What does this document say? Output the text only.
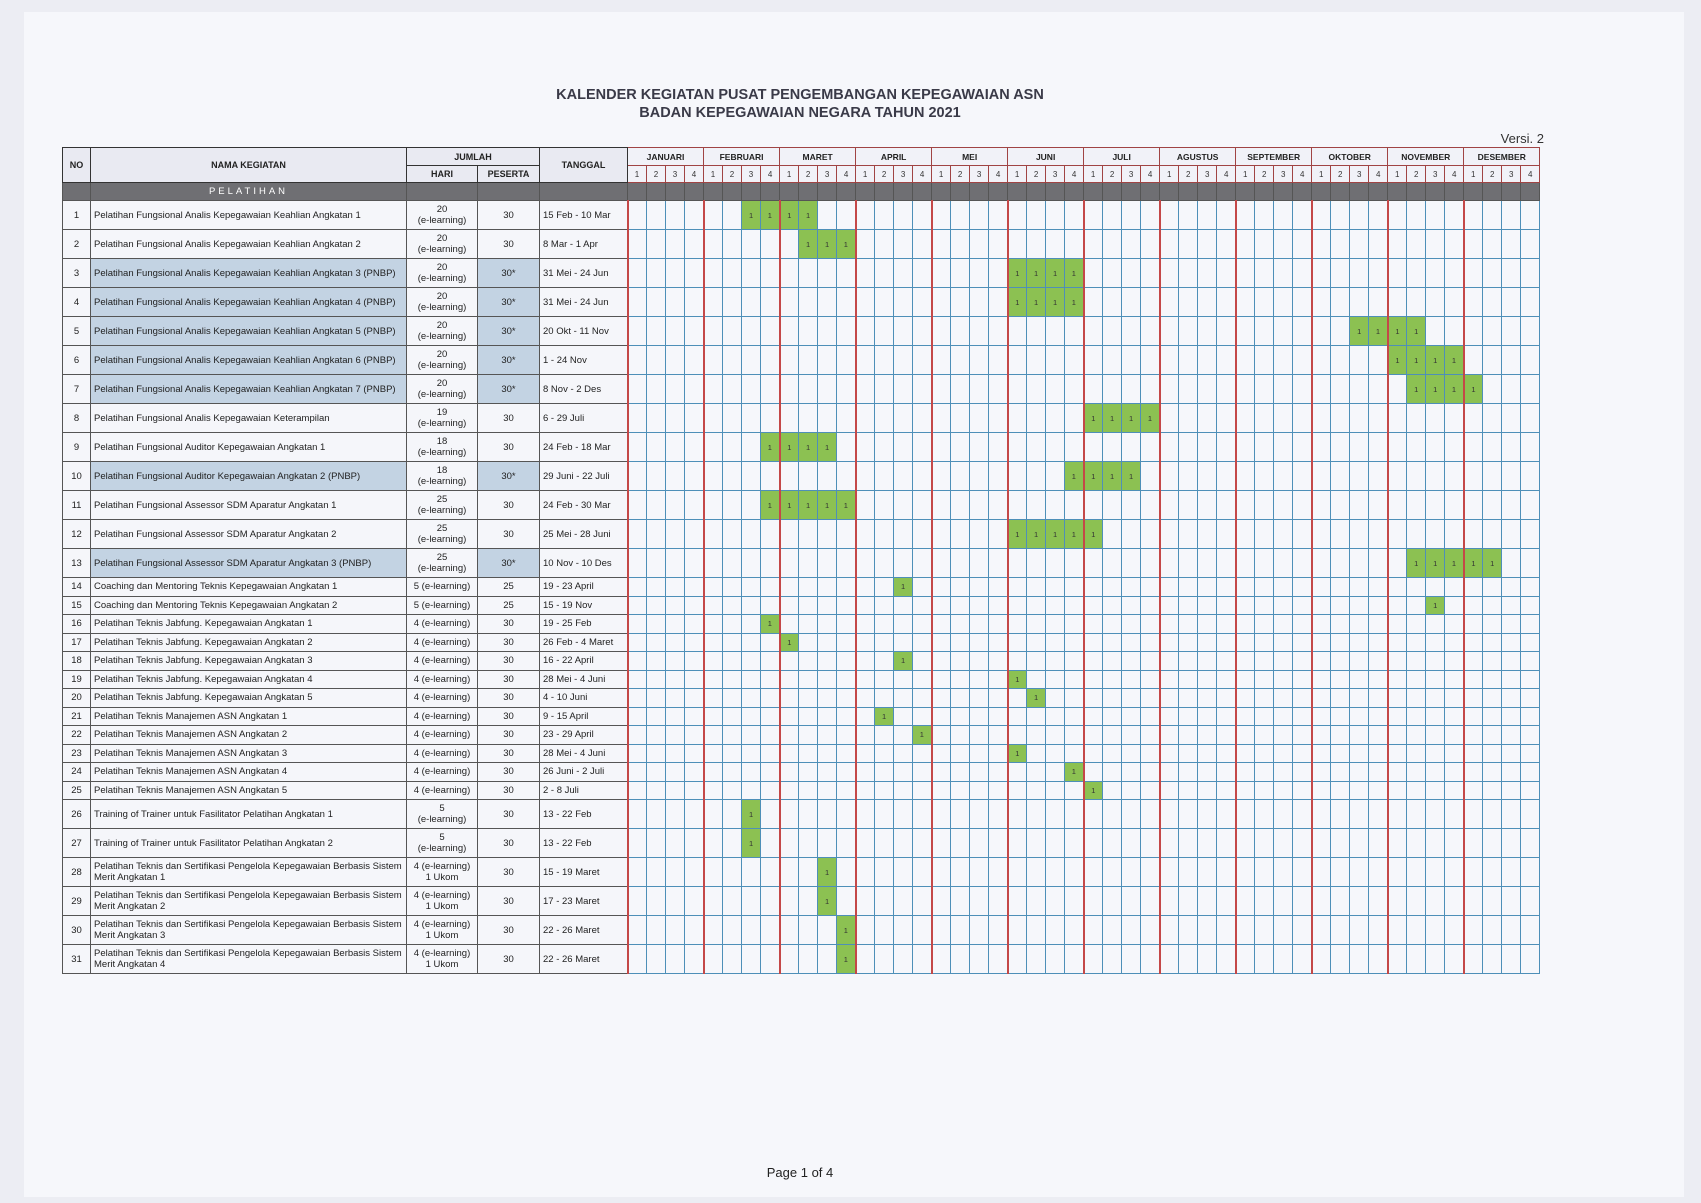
KALENDER KEGIATAN PUSAT PENGEMBANGAN KEPEGAWAIAN ASN
BADAN KEPEGAWAIAN NEGARA TAHUN 2021
Versi. 2
NO	NAMA KEGIATAN	JUMLAH		TANGGAL	JANUARI				FEBRUARI				MARET				APRIL				MEI				JUNI				JULI				AGUSTUS				SEPTEMBER				OKTOBER				NOVEMBER				DESEMBER			
		HARI	PESERTA		1	2	3	4	1	2	3	4	1	2	3	4	1	2	3	4	1	2	3	4	1	2	3	4	1	2	3	4	1	2	3	4	1	2	3	4	1	2	3	4	1	2	3	4	1	2	3	4
	PELATIHAN																																																			
1	Pelatihan Fungsional Analis Kepegawaian Keahlian Angkatan 1	20
(e-learning)	30	15 Feb - 10 Mar							1	1	1	1																																						
2	Pelatihan Fungsional Analis Kepegawaian Keahlian Angkatan 2	20
(e-learning)	30	8 Mar - 1 Apr										1	1	1																																				
3	Pelatihan Fungsional Analis Kepegawaian Keahlian Angkatan 3 (PNBP)	20
(e-learning)	30*	31 Mei - 24 Jun																					1	1	1	1																								
4	Pelatihan Fungsional Analis Kepegawaian Keahlian Angkatan 4 (PNBP)	20
(e-learning)	30*	31 Mei - 24 Jun																					1	1	1	1																								
5	Pelatihan Fungsional Analis Kepegawaian Keahlian Angkatan 5 (PNBP)	20
(e-learning)	30*	20 Okt - 11 Nov																																							1	1	1	1						
6	Pelatihan Fungsional Analis Kepegawaian Keahlian Angkatan 6 (PNBP)	20
(e-learning)	30*	1 - 24 Nov																																									1	1	1	1				
7	Pelatihan Fungsional Analis Kepegawaian Keahlian Angkatan 7 (PNBP)	20
(e-learning)	30*	8 Nov - 2 Des																																										1	1	1	1			
8	Pelatihan Fungsional Analis Kepegawaian Keterampilan	19
(e-learning)	30	6 - 29 Juli																									1	1	1	1																				
9	Pelatihan Fungsional Auditor Kepegawaian Angkatan 1	18
(e-learning)	30	24 Feb - 18 Mar								1	1	1	1																																					
10	Pelatihan Fungsional Auditor Kepegawaian Angkatan 2 (PNBP)	18
(e-learning)	30*	29 Juni - 22 Juli																								1	1	1	1																					
11	Pelatihan Fungsional Assessor SDM Aparatur Angkatan 1	25
(e-learning)	30	24 Feb - 30 Mar								1	1	1	1	1																																				
12	Pelatihan Fungsional Assessor SDM Aparatur Angkatan 2	25
(e-learning)	30	25 Mei - 28 Juni																					1	1	1	1	1																							
13	Pelatihan Fungsional Assessor SDM Aparatur Angkatan 3 (PNBP)	25
(e-learning)	30*	10 Nov - 10 Des																																										1	1	1	1	1		
14	Coaching dan Mentoring Teknis Kepegawaian Angkatan 1	5 (e-learning)	25	19 - 23 April															1																																	
15	Coaching dan Mentoring Teknis Kepegawaian Angkatan 2	5 (e-learning)	25	15 - 19 Nov																																											1					
16	Pelatihan Teknis Jabfung. Kepegawaian Angkatan 1	4 (e-learning)	30	19 - 25 Feb								1																																								
17	Pelatihan Teknis Jabfung. Kepegawaian Angkatan 2	4 (e-learning)	30	26 Feb - 4 Maret									1																																							
18	Pelatihan Teknis Jabfung. Kepegawaian Angkatan 3	4 (e-learning)	30	16 - 22 April															1																																	
19	Pelatihan Teknis Jabfung. Kepegawaian Angkatan 4	4 (e-learning)	30	28 Mei - 4 Juni																					1																											
20	Pelatihan Teknis Jabfung. Kepegawaian Angkatan 5	4 (e-learning)	30	4 - 10 Juni																						1																										
21	Pelatihan Teknis Manajemen ASN Angkatan 1	4 (e-learning)	30	9 - 15 April														1																																		
22	Pelatihan Teknis Manajemen ASN Angkatan 2	4 (e-learning)	30	23 - 29 April																1																																
23	Pelatihan Teknis Manajemen ASN Angkatan 3	4 (e-learning)	30	28 Mei - 4 Juni																					1																											
24	Pelatihan Teknis Manajemen ASN Angkatan 4	4 (e-learning)	30	26 Juni - 2 Juli																								1																								
25	Pelatihan Teknis Manajemen ASN Angkatan 5	4 (e-learning)	30	2 - 8 Juli																									1																							
26	Training of Trainer untuk Fasilitator Pelatihan Angkatan 1	5
(e-learning)	30	13 - 22 Feb							1																																									
27	Training of Trainer untuk Fasilitator Pelatihan Angkatan 2	5
(e-learning)	30	13 - 22 Feb							1																																									
28	Pelatihan Teknis dan Sertifikasi Pengelola Kepegawaian Berbasis Sistem Merit Angkatan 1	4 (e-learning)
1 Ukom	30	15 - 19 Maret											1																																					
29	Pelatihan Teknis dan Sertifikasi Pengelola Kepegawaian Berbasis Sistem Merit Angkatan 2	4 (e-learning)
1 Ukom	30	17 - 23 Maret											1																																					
30	Pelatihan Teknis dan Sertifikasi Pengelola Kepegawaian Berbasis Sistem Merit Angkatan 3	4 (e-learning)
1 Ukom	30	22 - 26 Maret												1																																				
31	Pelatihan Teknis dan Sertifikasi Pengelola Kepegawaian Berbasis Sistem Merit Angkatan 4	4 (e-learning)
1 Ukom	30	22 - 26 Maret												1																																				
Page 1 of 4
